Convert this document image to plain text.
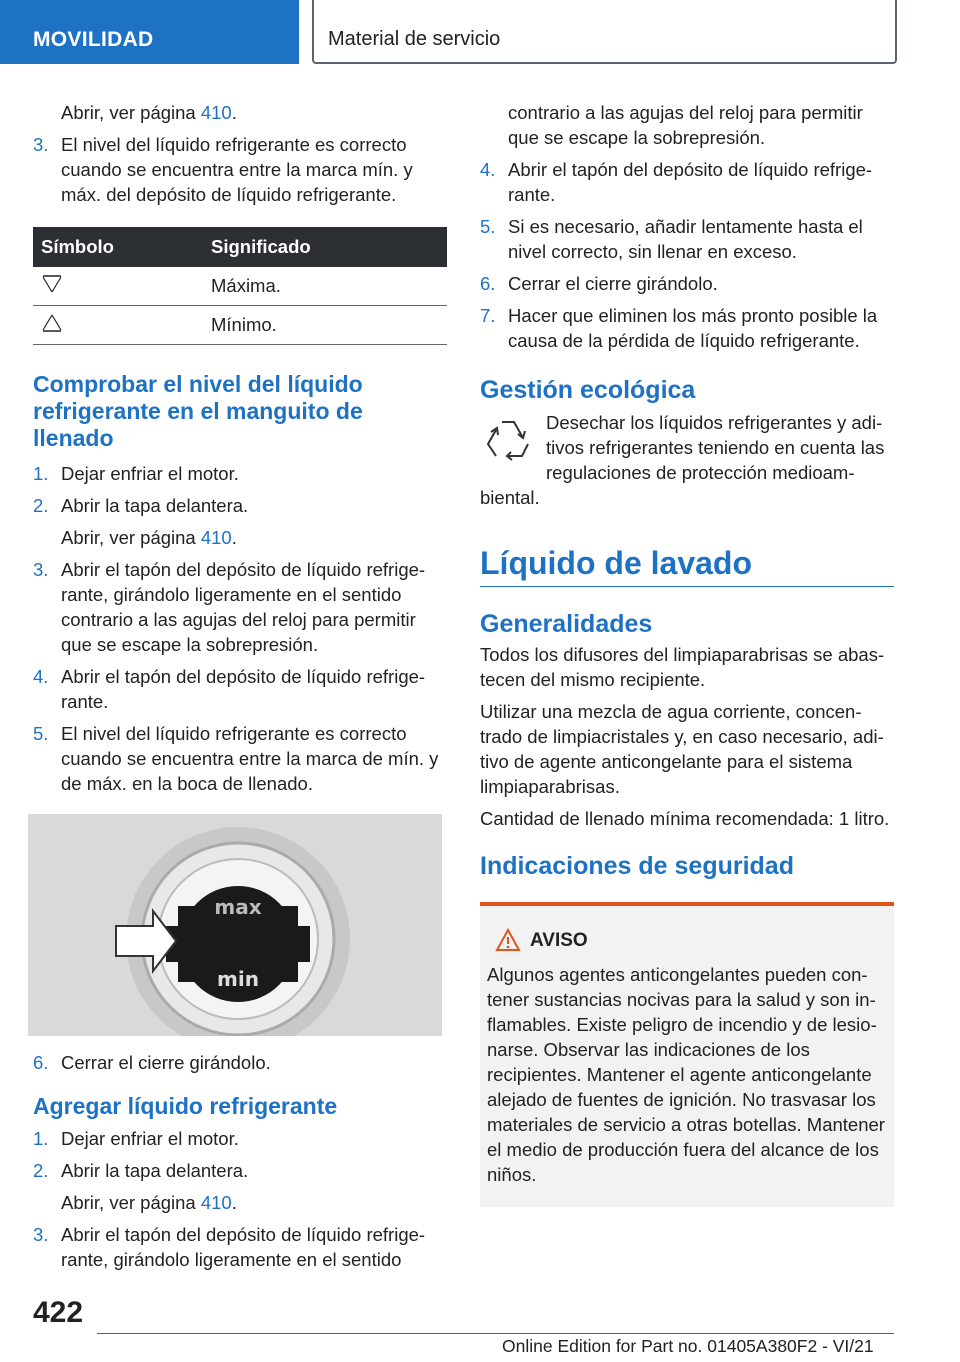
MOVILIDAD	Material de servicio

Abrir, ver página 410.

3. El nivel del líquido refrigerante es correcto cuando se encuentra entre la marca mín. y máx. del depósito de líquido refrigerante.
Símbolo	Significado
	Máxima.
	Mínimo.
Comprobar el nivel del líquido refrigerante en el manguito de llenado
1. Dejar enfriar el motor.
2. Abrir la tapa delantera.

Abrir, ver página 410.

3. Abrir el tapón del depósito de líquido refrigerante, girándolo ligeramente en el sentido contrario a las agujas del reloj para permitir que se escape la sobrepresión.
4. Abrir el tapón del depósito de líquido refrigerante.
5. El nivel del líquido refrigerante es correcto cuando se encuentra entre la marca de mín. y de máx. en la boca de llenado.
max
min
6. Cerrar el cierre girándolo.
Agregar líquido refrigerante
1. Dejar enfriar el motor.
2. Abrir la tapa delantera.

Abrir, ver página 410.

3. Abrir el tapón del depósito de líquido refrigerante, girándolo ligeramente en el sentido

contrario a las agujas del reloj para permitir que se escape la sobrepresión.

4. Abrir el tapón del depósito de líquido refrigerante.
5. Si es necesario, añadir lentamente hasta el nivel correcto, sin llenar en exceso.
6. Cerrar el cierre girándolo.
7. Hacer que eliminen los más pronto posible la causa de la pérdida de líquido refrigerante.
Gestión ecológica

Desechar los líquidos refrigerantes y aditivos refrigerantes teniendo en cuenta las regulaciones de protección medioambiental.

Líquido de lavado
Generalidades

Todos los difusores del limpiaparabrisas se abastecen del mismo recipiente.

Utilizar una mezcla de agua corriente, concentrado de limpiacristales y, en caso necesario, aditivo de agente anticongelante para el sistema limpiaparabrisas.

Cantidad de llenado mínima recomendada: 1 litro.

Indicaciones de seguridad
AVISO

Algunos agentes anticongelantes pueden contener sustancias nocivas para la salud y son inflamables. Existe peligro de incendio y de lesionarse. Observar las indicaciones de los recipientes. Mantener el agente anticongelante alejado de fuentes de ignición. No trasvasar los materiales de servicio a otras botellas. Mantener el medio de producción fuera del alcance de los niños.

422
Online Edition for Part no. 01405A380F2 - VI/21
